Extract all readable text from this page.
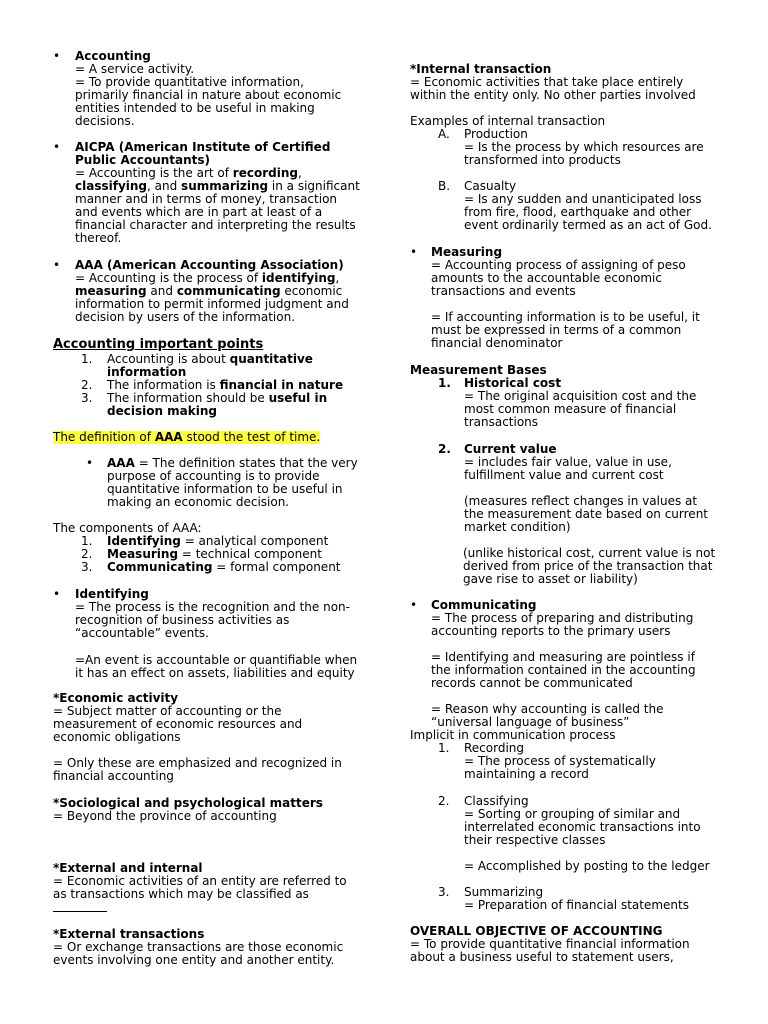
• Accounting
= A service activity.
= To provide quantitative information,
primarily financial in nature about economic
entities intended to be useful in making
decisions.
• AICPA (American Institute of Certified
Public Accountants)
= Accounting is the art of recording,
classifying, and summarizing in a significant
manner and in terms of money, transaction
and events which are in part at least of a
financial character and interpreting the results
thereof.
• AAA (American Accounting Association)
= Accounting is the process of identifying,
measuring and communicating economic
information to permit informed judgment and
decision by users of the information.
Accounting important points
1. Accounting is about quantitative
information
2. The information is financial in nature
3. The information should be useful in
decision making
The definition of AAA stood the test of time.
• AAA = The definition states that the very
purpose of accounting is to provide
quantitative information to be useful in
making an economic decision.
The components of AAA:
1. Identifying = analytical component
2. Measuring = technical component
3. Communicating = formal component
• Identifying
= The process is the recognition and the non-
recognition of business activities as
“accountable” events.
=An event is accountable or quantifiable when
it has an effect on assets, liabilities and equity
*Economic activity
= Subject matter of accounting or the
measurement of economic resources and
economic obligations
= Only these are emphasized and recognized in
financial accounting
*Sociological and psychological matters
= Beyond the province of accounting
*External and internal
= Economic activities of an entity are referred to
as transactions which may be classified as
*External transactions
= Or exchange transactions are those economic
events involving one entity and another entity.
*Internal transaction
= Economic activities that take place entirely
within the entity only. No other parties involved
Examples of internal transaction
A. Production
= Is the process by which resources are
transformed into products
B. Casualty
= Is any sudden and unanticipated loss
from fire, flood, earthquake and other
event ordinarily termed as an act of God.
• Measuring
= Accounting process of assigning of peso
amounts to the accountable economic
transactions and events
= If accounting information is to be useful, it
must be expressed in terms of a common
financial denominator
Measurement Bases
1. Historical cost
= The original acquisition cost and the
most common measure of financial
transactions
2. Current value
= includes fair value, value in use,
fulfillment value and current cost
(measures reflect changes in values at
the measurement date based on current
market condition)
(unlike historical cost, current value is not
derived from price of the transaction that
gave rise to asset or liability)
• Communicating
= The process of preparing and distributing
accounting reports to the primary users
= Identifying and measuring are pointless if
the information contained in the accounting
records cannot be communicated
= Reason why accounting is called the
“universal language of business”
Implicit in communication process
1. Recording
= The process of systematically
maintaining a record
2. Classifying
= Sorting or grouping of similar and
interrelated economic transactions into
their respective classes
= Accomplished by posting to the ledger
3. Summarizing
= Preparation of financial statements
OVERALL OBJECTIVE OF ACCOUNTING
= To provide quantitative financial information
about a business useful to statement users,
